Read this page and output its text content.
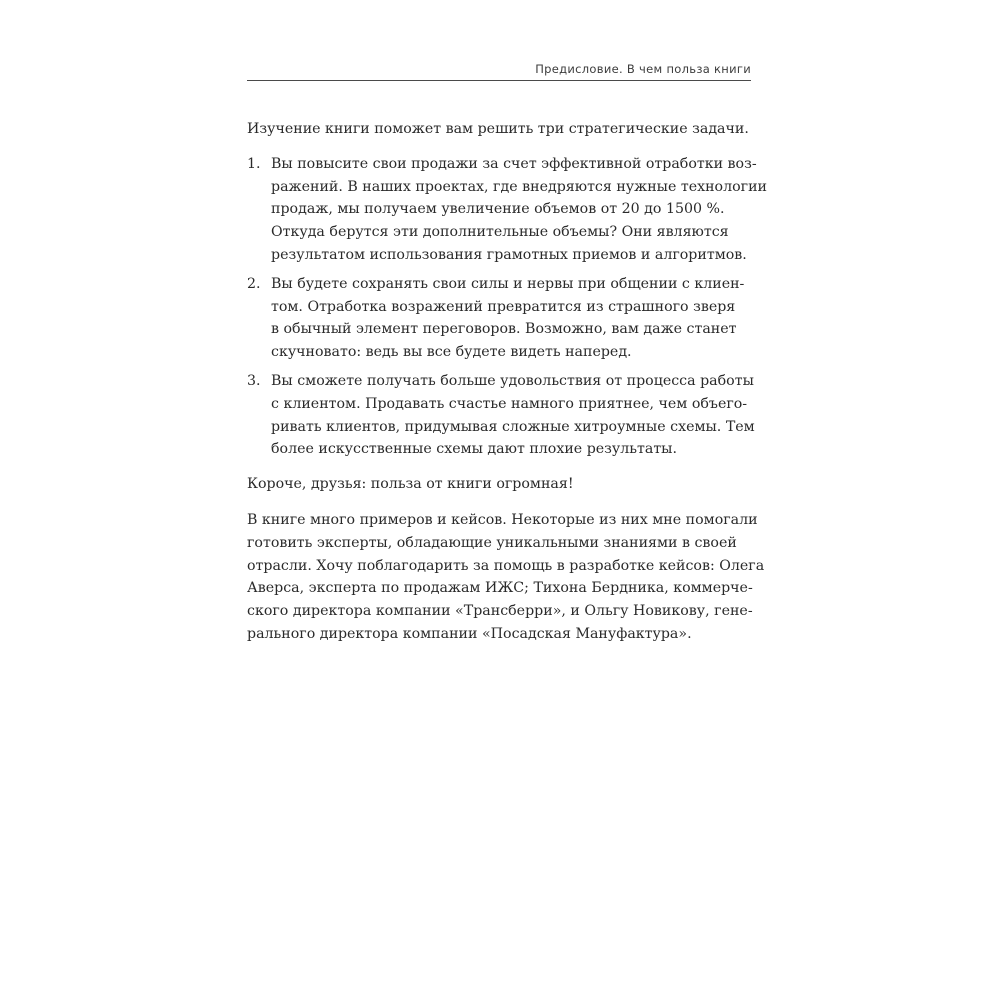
Предисловие. В чем польза книги

Изучение книги поможет вам решить три стратегические задачи.

1. Вы повысите свои продажи за счет эффективной отработки воз-
ражений. В наших проектах, где внедряются нужные технологии
продаж, мы получаем увеличение объемов от 20 до 1500 %.
Откуда берутся эти дополнительные объемы? Они являются
результатом использования грамотных приемов и алгоритмов.
2. Вы будете сохранять свои силы и нервы при общении с клиен-
том. Отработка возражений превратится из страшного зверя
в обычный элемент переговоров. Возможно, вам даже станет
скучновато: ведь вы все будете видеть наперед.
3. Вы сможете получать больше удовольствия от процесса работы
с клиентом. Продавать счастье намного приятнее, чем объего-
ривать клиентов, придумывая сложные хитроумные схемы. Тем
более искусственные схемы дают плохие результаты.

Короче, друзья: польза от книги огромная!

В книге много примеров и кейсов. Некоторые из них мне помогали
готовить эксперты, обладающие уникальными знаниями в своей
отрасли. Хочу поблагодарить за помощь в разработке кейсов: Олега
Аверса, эксперта по продажам ИЖС; Тихона Бердника, коммерче-
ского директора компании «Трансберри», и Ольгу Новикову, гене-
рального директора компании «Посадская Мануфактура».
